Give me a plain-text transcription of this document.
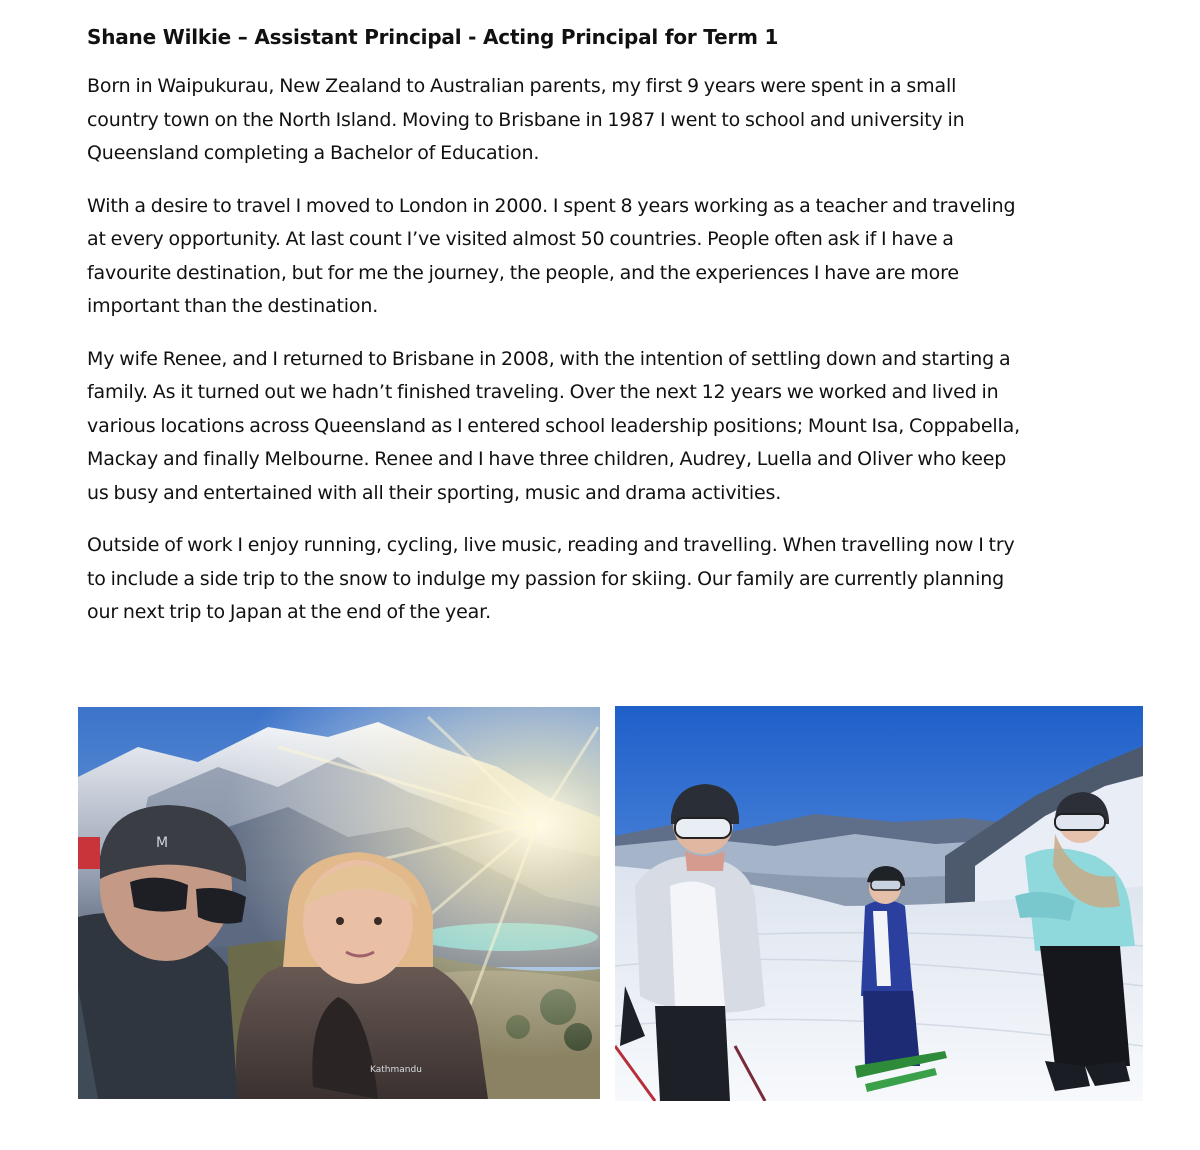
Shane Wilkie – Assistant Principal - Acting Principal for Term 1
Born in Waipukurau, New Zealand to Australian parents, my first 9 years were spent in a small
country town on the North Island. Moving to Brisbane in 1987 I went to school and university in
Queensland completing a Bachelor of Education.
With a desire to travel I moved to London in 2000. I spent 8 years working as a teacher and traveling
at every opportunity. At last count I’ve visited almost 50 countries. People often ask if I have a
favourite destination, but for me the journey, the people, and the experiences I have are more
important than the destination.
My wife Renee, and I returned to Brisbane in 2008, with the intention of settling down and starting a
family. As it turned out we hadn’t finished traveling. Over the next 12 years we worked and lived in
various locations across Queensland as I entered school leadership positions; Mount Isa, Coppabella,
Mackay and finally Melbourne. Renee and I have three children, Audrey, Luella and Oliver who keep
us busy and entertained with all their sporting, music and drama activities.
Outside of work I enjoy running, cycling, live music, reading and travelling. When travelling now I try
to include a side trip to the snow to indulge my passion for skiing. Our family are currently planning
our next trip to Japan at the end of the year.
M
Kathmandu
